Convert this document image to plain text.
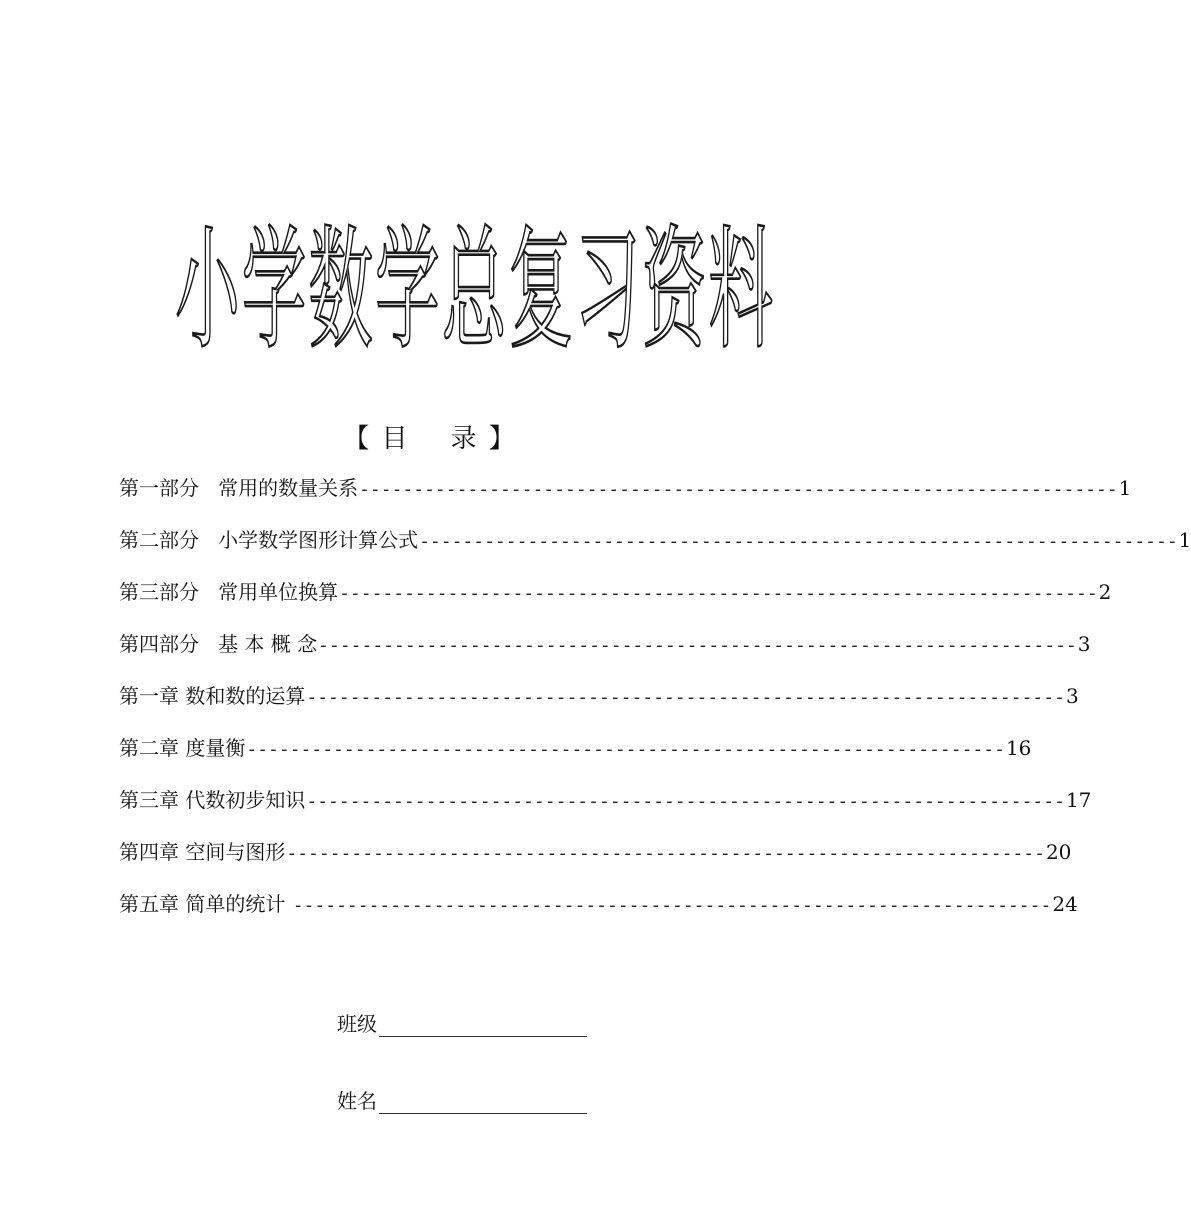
小学数学总复习资料
【 目    录 】
第一部分   常用的数量关系 ---------------------------------------------------------------------- 1
第二部分   小学数学图形计算公式 ---------------------------------------------------------------------- 1
第三部分   常用单位换算 ---------------------------------------------------------------------- 2
第四部分   基 本 概 念 ---------------------------------------------------------------------- 3
第一章 数和数的运算 ---------------------------------------------------------------------- 3
第二章 度量衡 ---------------------------------------------------------------------- 16
第三章 代数初步知识 ---------------------------------------------------------------------- 17
第四章 空间与图形 ---------------------------------------------------------------------- 20
第五章 简单的统计 ---------------------------------------------------------------------- 24
班级
姓名
